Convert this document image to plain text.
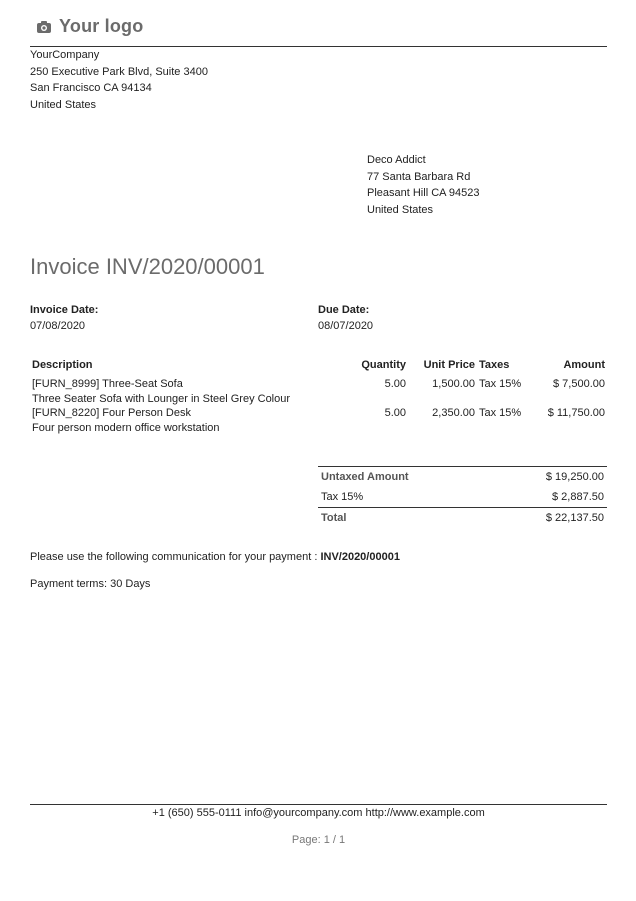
Your logo
YourCompany
250 Executive Park Blvd, Suite 3400
San Francisco CA 94134
United States
Deco Addict
77 Santa Barbara Rd
Pleasant Hill CA 94523
United States
Invoice INV/2020/00001
Invoice Date:
07/08/2020
Due Date:
08/07/2020
Description	Quantity	Unit Price	Taxes	Amount

[FURN_8999] Three-Seat Sofa
Three Seater Sofa with Lounger in Steel Grey Colour	5.00	1,500.00	Tax 15%	$ 7,500.00

[FURN_8220] Four Person Desk
Four person modern office workstation	5.00	2,350.00	Tax 15%	$ 11,750.00
Untaxed Amount	$ 19,250.00
Tax 15%	$ 2,887.50
Total	$ 22,137.50
Please use the following communication for your payment : INV/2020/00001
Payment terms: 30 Days
+1 (650) 555-0111 info@yourcompany.com http://www.example.com
Page: 1 / 1
